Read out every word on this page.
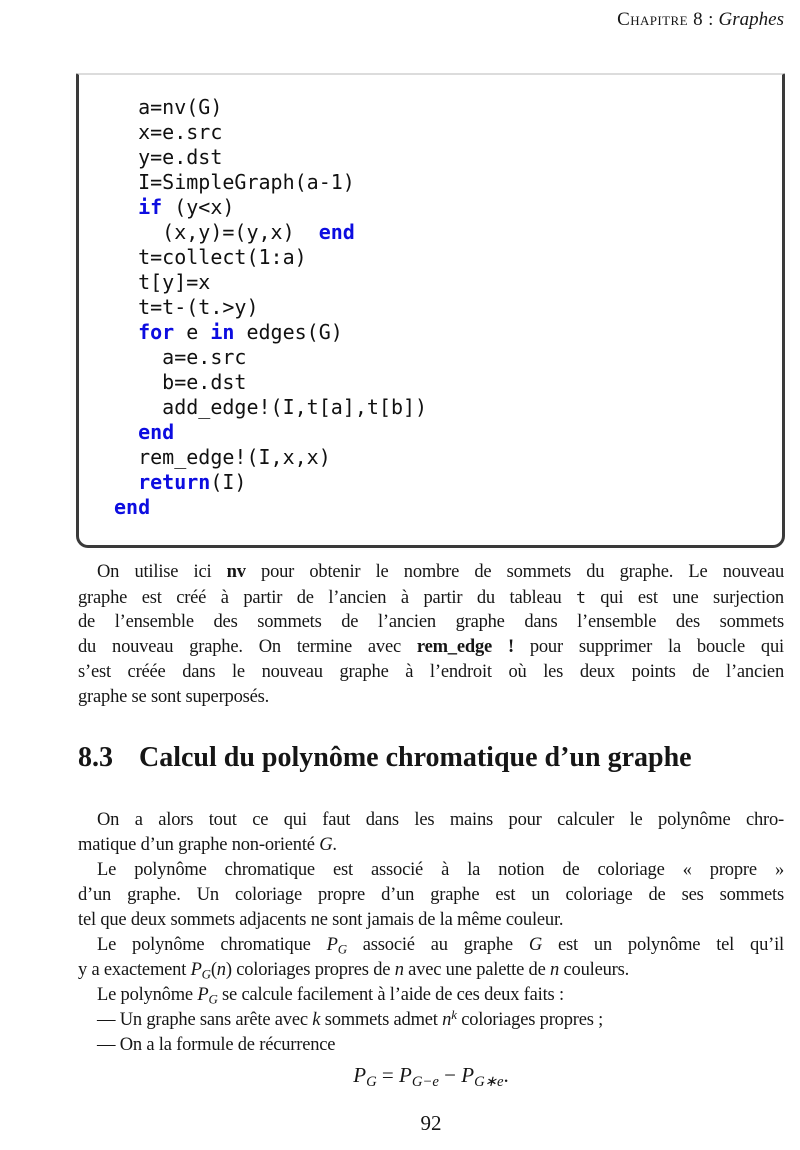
Chapitre 8 : Graphes
a=nv(G)
x=e.src
y=e.dst
I=SimpleGraph(a-1)
if (y<x)
(x,y)=(y,x)  end
t=collect(1:a)
t[y]=x
t=t-(t.>y)
for e in edges(G)
a=e.src
b=e.dst
add_edge!(I,t[a],t[b])
end
rem_edge!(I,x,x)
return(I)
end
On utilise ici nv pour obtenir le nombre de sommets du graphe. Le nouveau
graphe est créé à partir de l’ancien à partir du tableau t qui est une surjection
de l’ensemble des sommets de l’ancien graphe dans l’ensemble des sommets
du nouveau graphe. On termine avec rem_edge ! pour supprimer la boucle qui
s’est créée dans le nouveau graphe à l’endroit où les deux points de l’ancien
graphe se sont superposés.
8.3 Calcul du polynôme chromatique d’un graphe
On a alors tout ce qui faut dans les mains pour calculer le polynôme chro-
matique d’un graphe non-orienté G.
Le polynôme chromatique est associé à la notion de coloriage « propre »
d’un graphe. Un coloriage propre d’un graphe est un coloriage de ses sommets
tel que deux sommets adjacents ne sont jamais de la même couleur.
Le polynôme chromatique $P_G$ associé au graphe G est un polynôme tel qu’il
y a exactement $P_G(n)$ coloriages propres de n avec une palette de n couleurs.
Le polynôme $P_G$ se calcule facilement à l’aide de ces deux faits :
— Un graphe sans arête avec k sommets admet $n^k$ coloriages propres ;
— On a la formule de récurrence
$P_G = P_{G-e} - P_{G∗e}$.
92
